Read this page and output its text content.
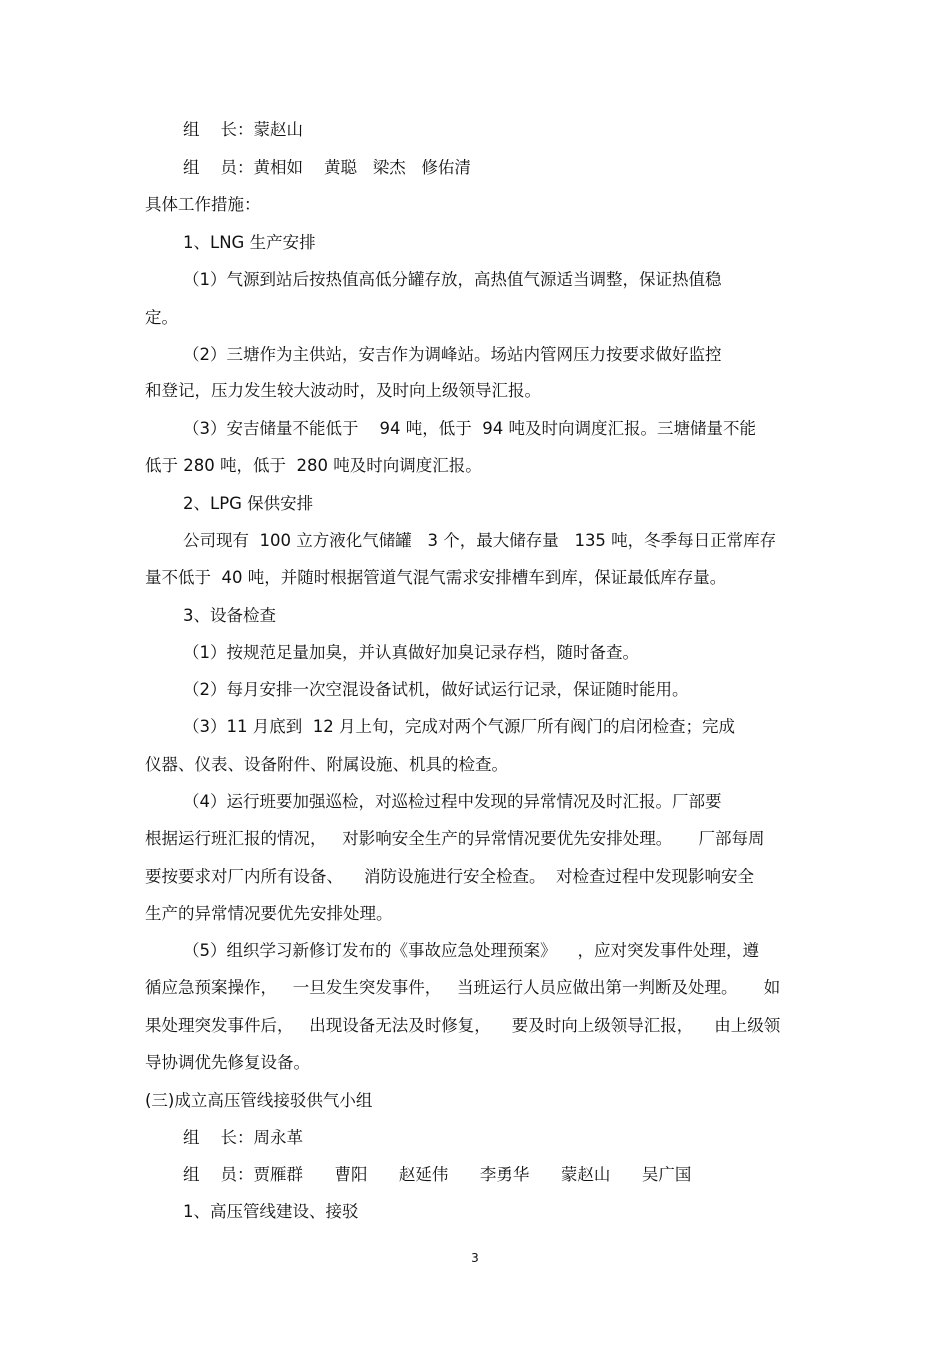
组    长：蒙赵山

组    员：黄相如    黄聪   梁杰   修佑清

具体工作措施：

1、LNG 生产安排

（1）气源到站后按热值高低分罐存放，高热值气源适当调整，保证热值稳

定。

（2）三塘作为主供站，安吉作为调峰站。场站内管网压力按要求做好监控

和登记，压力发生较大波动时，及时向上级领导汇报。

（3）安吉储量不能低于    94 吨，低于  94 吨及时向调度汇报。三塘储量不能

低于 280 吨，低于  280 吨及时向调度汇报。

2、LPG 保供安排

公司现有  100 立方液化气储罐   3 个，最大储存量   135 吨，冬季每日正常库存

量不低于  40 吨，并随时根据管道气混气需求安排槽车到库，保证最低库存量。

3、设备检查

（1）按规范足量加臭，并认真做好加臭记录存档，随时备查。

（2）每月安排一次空混设备试机，做好试运行记录，保证随时能用。

（3）11 月底到  12 月上旬，完成对两个气源厂所有阀门的启闭检查；完成

仪器、仪表、设备附件、附属设施、机具的检查。

（4）运行班要加强巡检，对巡检过程中发现的异常情况及时汇报。厂部要

根据运行班汇报的情况，   对影响安全生产的异常情况要优先安排处理。     厂部每周

要按要求对厂内所有设备、    消防设施进行安全检查。  对检查过程中发现影响安全

生产的异常情况要优先安排处理。

（5）组织学习新修订发布的《事故应急处理预案》    ，应对突发事件处理，遵

循应急预案操作，   一旦发生突发事件，   当班运行人员应做出第一判断及处理。     如

果处理突发事件后，   出现设备无法及时修复，    要及时向上级领导汇报，    由上级领

导协调优先修复设备。

(三)成立高压管线接驳供气小组

组    长：周永革

组    员：贾雁群      曹阳      赵延伟      李勇华      蒙赵山      吴广国

1、高压管线建设、接驳

3
